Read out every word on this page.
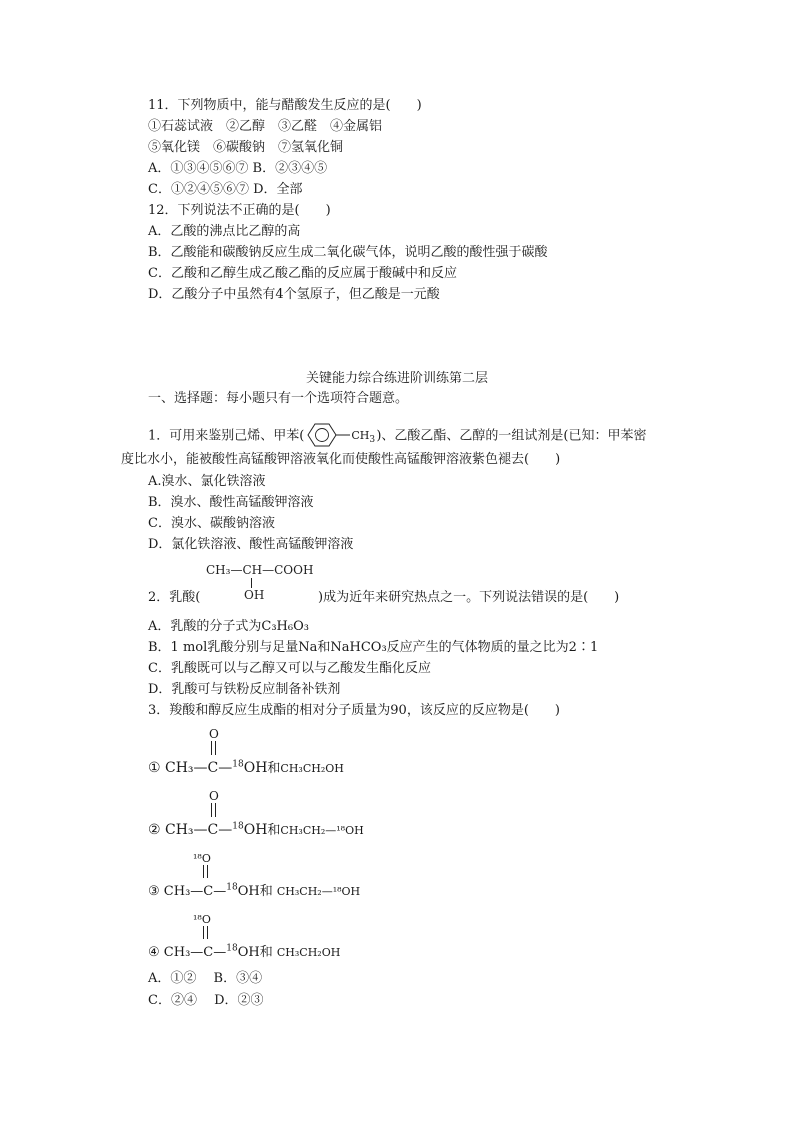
11．下列物质中，能与醋酸发生反应的是(　　)
①石蕊试液　②乙醇　③乙醛　④金属铝
⑤氧化镁　⑥碳酸钠　⑦氢氧化铜
A．①③④⑤⑥⑦ B．②③④⑤
C．①②④⑤⑥⑦ D．全部
12．下列说法不正确的是(　　)
A．乙酸的沸点比乙醇的高
B．乙酸能和碳酸钠反应生成二氧化碳气体，说明乙酸的酸性强于碳酸
C．乙酸和乙醇生成乙酸乙酯的反应属于酸碱中和反应
D．乙酸分子中虽然有4个氢原子，但乙酸是一元酸
关键能力综合练进阶训练第二层
一、选择题：每小题只有一个选项符合题意。
1．可用来鉴别己烯、甲苯(	$CH_3$ )、乙酸乙酯、乙醇的一组试剂是(已知：甲苯密
度比水小，能被酸性高锰酸钾溶液氧化而使酸性高锰酸钾溶液紫色褪去(　　)
A.溴水、氯化铁溶液
B．溴水、酸性高锰酸钾溶液
C．溴水、碳酸钠溶液
D．氯化铁溶液、酸性高锰酸钾溶液
CH₃—CH—COOH
OH
2．乳酸(	)成为近年来研究热点之一。下列说法错误的是(　　)
A．乳酸的分子式为C₃H₆O₃
B．1 mol乳酸分别与足量Na和NaHCO₃反应产生的气体物质的量之比为2∶1
C．乳酸既可以与乙醇又可以与乙酸发生酯化反应
D．乳酸可与铁粉反应制备补铁剂
3．羧酸和醇反应生成酯的相对分子质量为90，该反应的反应物是(　　)
O
① CH₃—C—$^{18}$OH和CH₃CH₂OH
O
② CH₃—C—$^{18}$OH和CH₃CH₂—¹⁸OH
¹⁸O
③ CH₃—C—$^{18}$OH和 CH₃CH₂—¹⁸OH
¹⁸O
④ CH₃—C—$^{18}$OH和 CH₃CH₂OH
A．①②　 B．③④
C．②④　 D．②③
